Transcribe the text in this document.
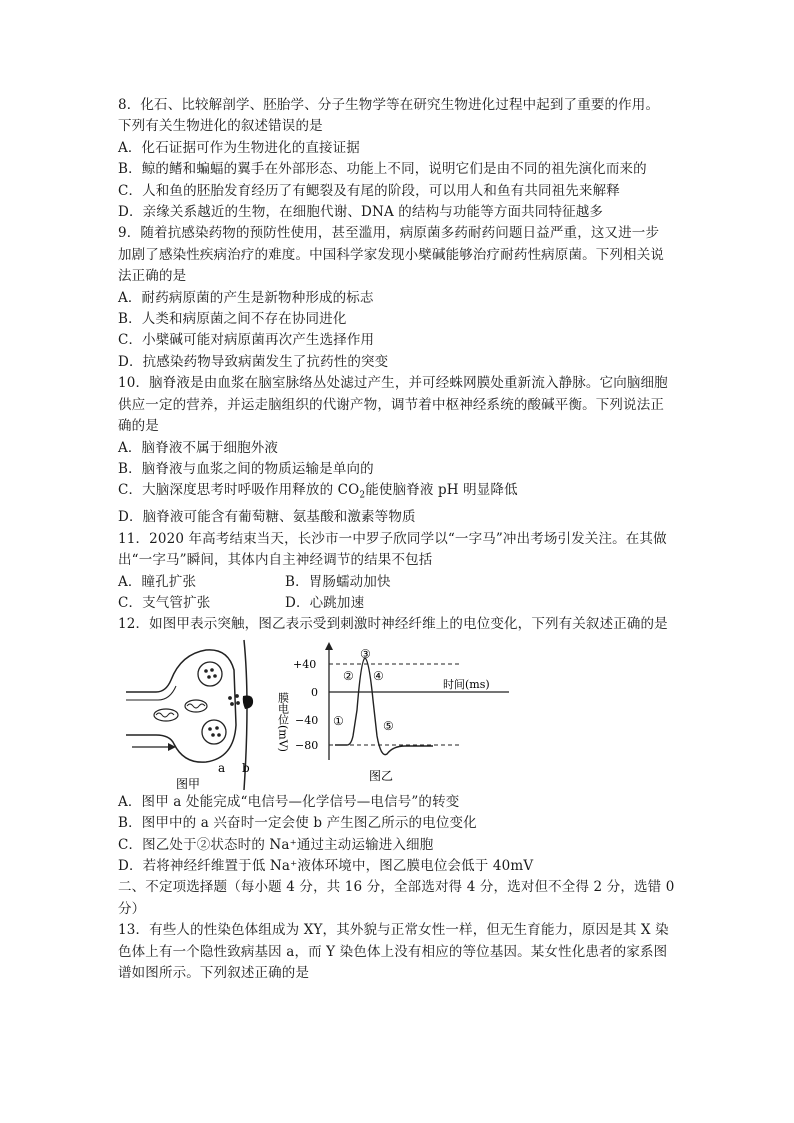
8．化石、比较解剖学、胚胎学、分子生物学等在研究生物进化过程中起到了重要的作用。
下列有关生物进化的叙述错误的是
A．化石证据可作为生物进化的直接证据
B．鲸的鳍和蝙蝠的翼手在外部形态、功能上不同，说明它们是由不同的祖先演化而来的
C．人和鱼的胚胎发育经历了有鳃裂及有尾的阶段，可以用人和鱼有共同祖先来解释
D．亲缘关系越近的生物，在细胞代谢、DNA 的结构与功能等方面共同特征越多
9．随着抗感染药物的预防性使用，甚至滥用，病原菌多药耐药问题日益严重，这又进一步
加剧了感染性疾病治疗的难度。中国科学家发现小檗碱能够治疗耐药性病原菌。下列相关说
法正确的是
A．耐药病原菌的产生是新物种形成的标志
B．人类和病原菌之间不存在协同进化
C．小檗碱可能对病原菌再次产生选择作用
D．抗感染药物导致病菌发生了抗药性的突变
10．脑脊液是由血浆在脑室脉络丛处滤过产生，并可经蛛网膜处重新流入静脉。它向脑细胞
供应一定的营养，并运走脑组织的代谢产物，调节着中枢神经系统的酸碱平衡。下列说法正
确的是
A．脑脊液不属于细胞外液
B．脑脊液与血浆之间的物质运输是单向的
C．大脑深度思考时呼吸作用释放的 $CO_2$能使脑脊液 pH 明显降低
D．脑脊液可能含有葡萄糖、氨基酸和激素等物质
11．2020 年高考结束当天，长沙市一中罗子欣同学以“一字马”冲出考场引发关注。在其做
出“一字马”瞬间，其体内自主神经调节的结果不包括
A．瞳孔扩张	B．胃肠蠕动加快
C．支气管扩张	D．心跳加速
12．如图甲表示突触，图乙表示受到刺激时神经纤维上的电位变化，下列有关叙述正确的是
a b
图甲
+40
0
−40
−80
膜电位(mV)
时间(ms)
①
②
③
④
⑤
图乙
A．图甲 a 处能完成“电信号—化学信号—电信号”的转变
B．图甲中的 a 兴奋时一定会使 b 产生图乙所示的电位变化
C．图乙处于②状态时的 Na⁺通过主动运输进入细胞
D．若将神经纤维置于低 Na⁺液体环境中，图乙膜电位会低于 40mV
二、不定项选择题（每小题 4 分，共 16 分，全部选对得 4 分，选对但不全得 2 分，选错 0
分）
13．有些人的性染色体组成为 XY，其外貌与正常女性一样，但无生育能力，原因是其 X 染
色体上有一个隐性致病基因 a，而 Y 染色体上没有相应的等位基因。某女性化患者的家系图
谱如图所示。下列叙述正确的是
